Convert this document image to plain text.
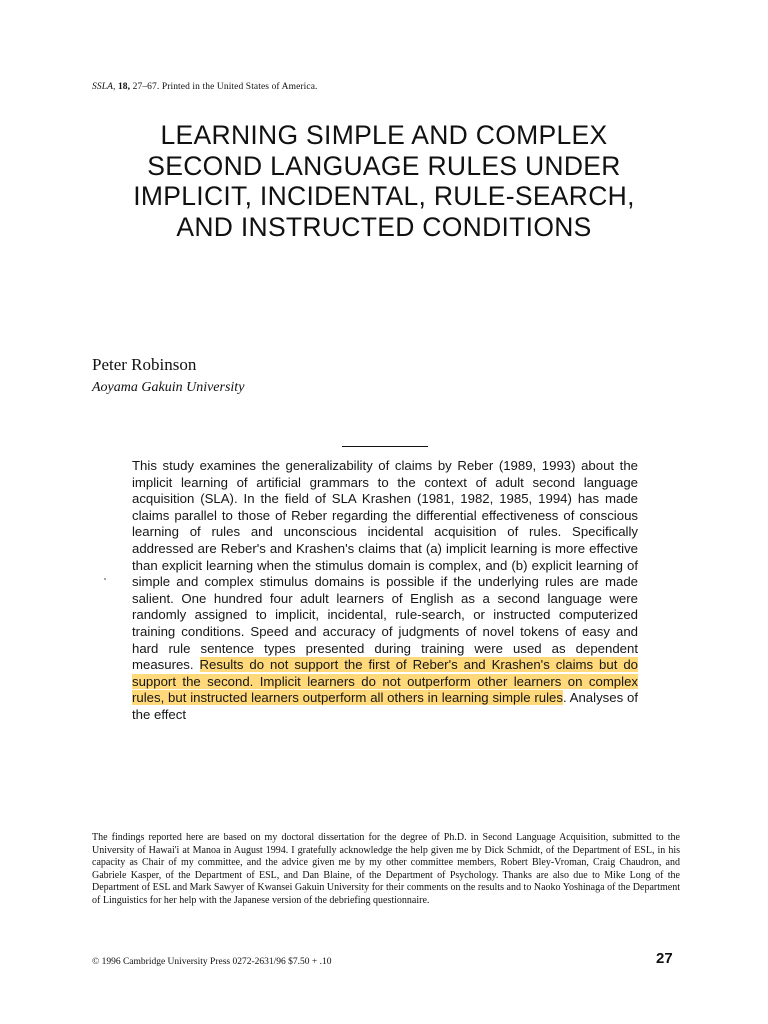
SSLA, 18, 27–67. Printed in the United States of America.
LEARNING SIMPLE AND COMPLEX SECOND LANGUAGE RULES UNDER IMPLICIT, INCIDENTAL, RULE-SEARCH, AND INSTRUCTED CONDITIONS
Peter Robinson
Aoyama Gakuin University
This study examines the generalizability of claims by Reber (1989, 1993) about the implicit learning of artificial grammars to the context of adult second language acquisition (SLA). In the field of SLA Krashen (1981, 1982, 1985, 1994) has made claims parallel to those of Reber regarding the differential effectiveness of conscious learning of rules and unconscious incidental acquisition of rules. Specifically addressed are Reber's and Krashen's claims that (a) implicit learning is more effective than explicit learning when the stimulus domain is complex, and (b) explicit learning of simple and complex stimulus domains is possible if the underlying rules are made salient. One hundred four adult learners of English as a second language were randomly assigned to implicit, incidental, rule-search, or instructed computerized training conditions. Speed and accuracy of judgments of novel tokens of easy and hard rule sentence types presented during training were used as dependent measures. Results do not support the first of Reber's and Krashen's claims but do support the second. Implicit learners do not outperform other learners on complex rules, but instructed learners outperform all others in learning simple rules. Analyses of the effect
The findings reported here are based on my doctoral dissertation for the degree of Ph.D. in Second Language Acquisition, submitted to the University of Hawai'i at Manoa in August 1994. I gratefully acknowledge the help given me by Dick Schmidt, of the Department of ESL, in his capacity as Chair of my committee, and the advice given me by my other committee members, Robert Bley-Vroman, Craig Chaudron, and Gabriele Kasper, of the Department of ESL, and Dan Blaine, of the Department of Psychology. Thanks are also due to Mike Long of the Department of ESL and Mark Sawyer of Kwansei Gakuin University for their comments on the results and to Naoko Yoshinaga of the Department of Linguistics for her help with the Japanese version of the debriefing questionnaire.
© 1996 Cambridge University Press 0272-2631/96 $7.50 + .10	27
